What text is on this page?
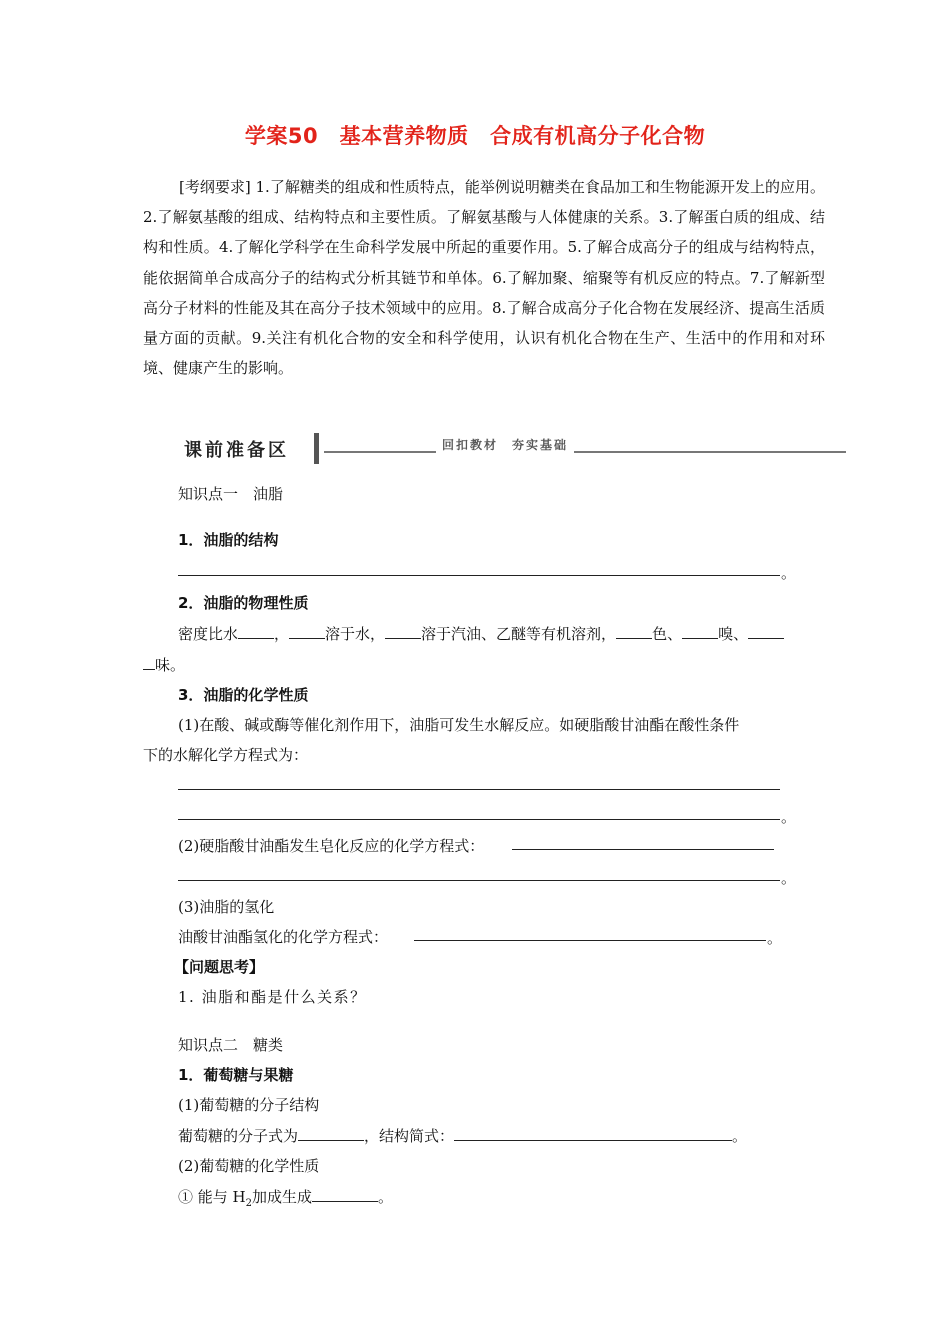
学案50　基本营养物质　合成有机高分子化合物
[考纲要求] 1.了解糖类的组成和性质特点，能举例说明糖类在食品加工和生物能源开发上的应用。2.了解氨基酸的组成、结构特点和主要性质。了解氨基酸与人体健康的关系。3.了解蛋白质的组成、结构和性质。4.了解化学科学在生命科学发展中所起的重要作用。5.了解合成高分子的组成与结构特点，能依据简单合成高分子的结构式分析其链节和单体。6.了解加聚、缩聚等有机反应的特点。7.了解新型高分子材料的性能及其在高分子技术领域中的应用。8.了解合成高分子化合物在发展经济、提高生活质量方面的贡献。9.关注有机化合物的安全和科学使用，认识有机化合物在生产、生活中的作用和对环境、健康产生的影响。
课前准备区	回扣教材　夯实基础
知识点一　油脂
1．油脂的结构
。
2．油脂的物理性质
密度比水 ， 溶于水， 溶于汽油、乙醚等有机溶剂， 色、 嗅、
味。
3．油脂的化学性质
(1)在酸、碱或酶等催化剂作用下，油脂可发生水解反应。如硬脂酸甘油酯在酸性条件
下的水解化学方程式为：
。
(2)硬脂酸甘油酯发生皂化反应的化学方程式：
。
(3)油脂的氢化
油酸甘油酯氢化的化学方程式：	。
【问题思考】
1. 油脂和酯是什么关系？
知识点二　糖类
1．葡萄糖与果糖
(1)葡萄糖的分子结构
葡萄糖的分子式为	，结构简式：	。
(2)葡萄糖的化学性质
① 能与 $H_2$加成生成	。
